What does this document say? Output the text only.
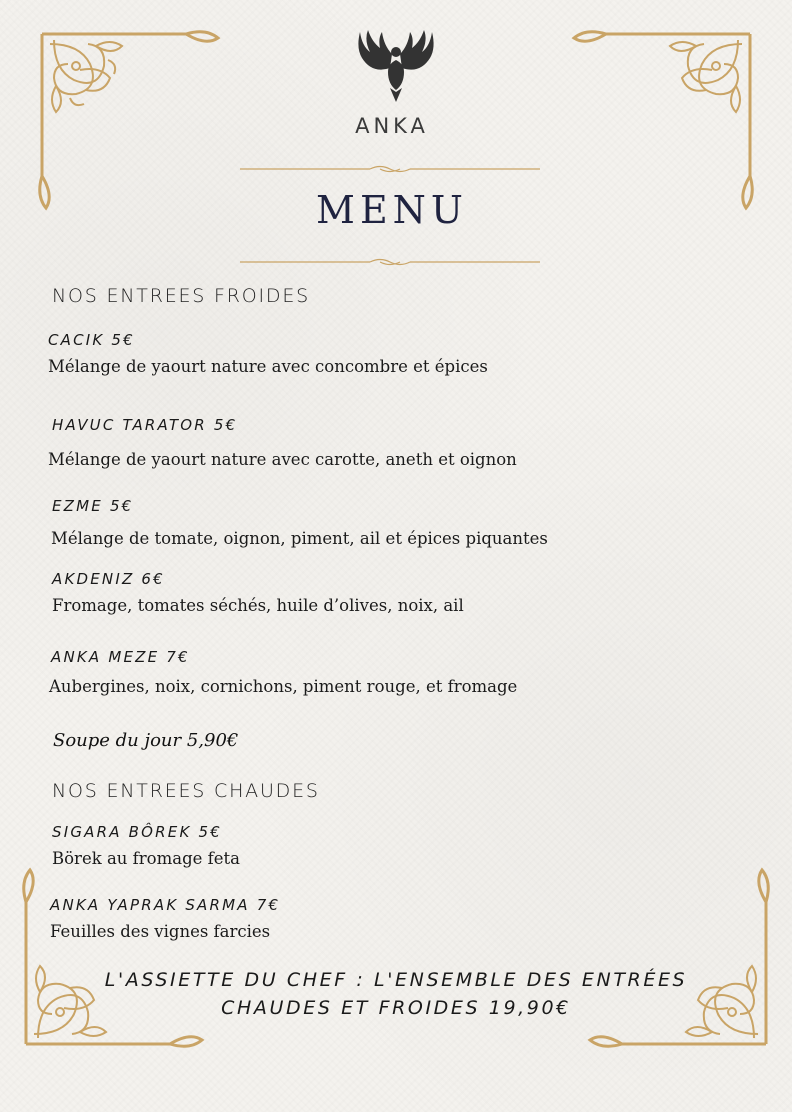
ANKA
MENU
NOS ENTREES FROIDES
CACIK 5€
Mélange de yaourt nature avec concombre et épices
HAVUC TARATOR 5€
Mélange de yaourt nature avec carotte, aneth et oignon
EZME 5€
Mélange de tomate, oignon, piment, ail et épices piquantes
AKDENIZ 6€
Fromage, tomates séchés, huile d’olives, noix, ail
ANKA MEZE 7€
Aubergines, noix, cornichons, piment rouge, et fromage
Soupe du jour 5,90€
NOS ENTREES CHAUDES
SIGARA BÔREK 5€
Börek au fromage feta
ANKA YAPRAK SARMA 7€
Feuilles des vignes farcies
L'ASSIETTE DU CHEF : L'ENSEMBLE DES ENTRÉES
CHAUDES ET FROIDES 19,90€
